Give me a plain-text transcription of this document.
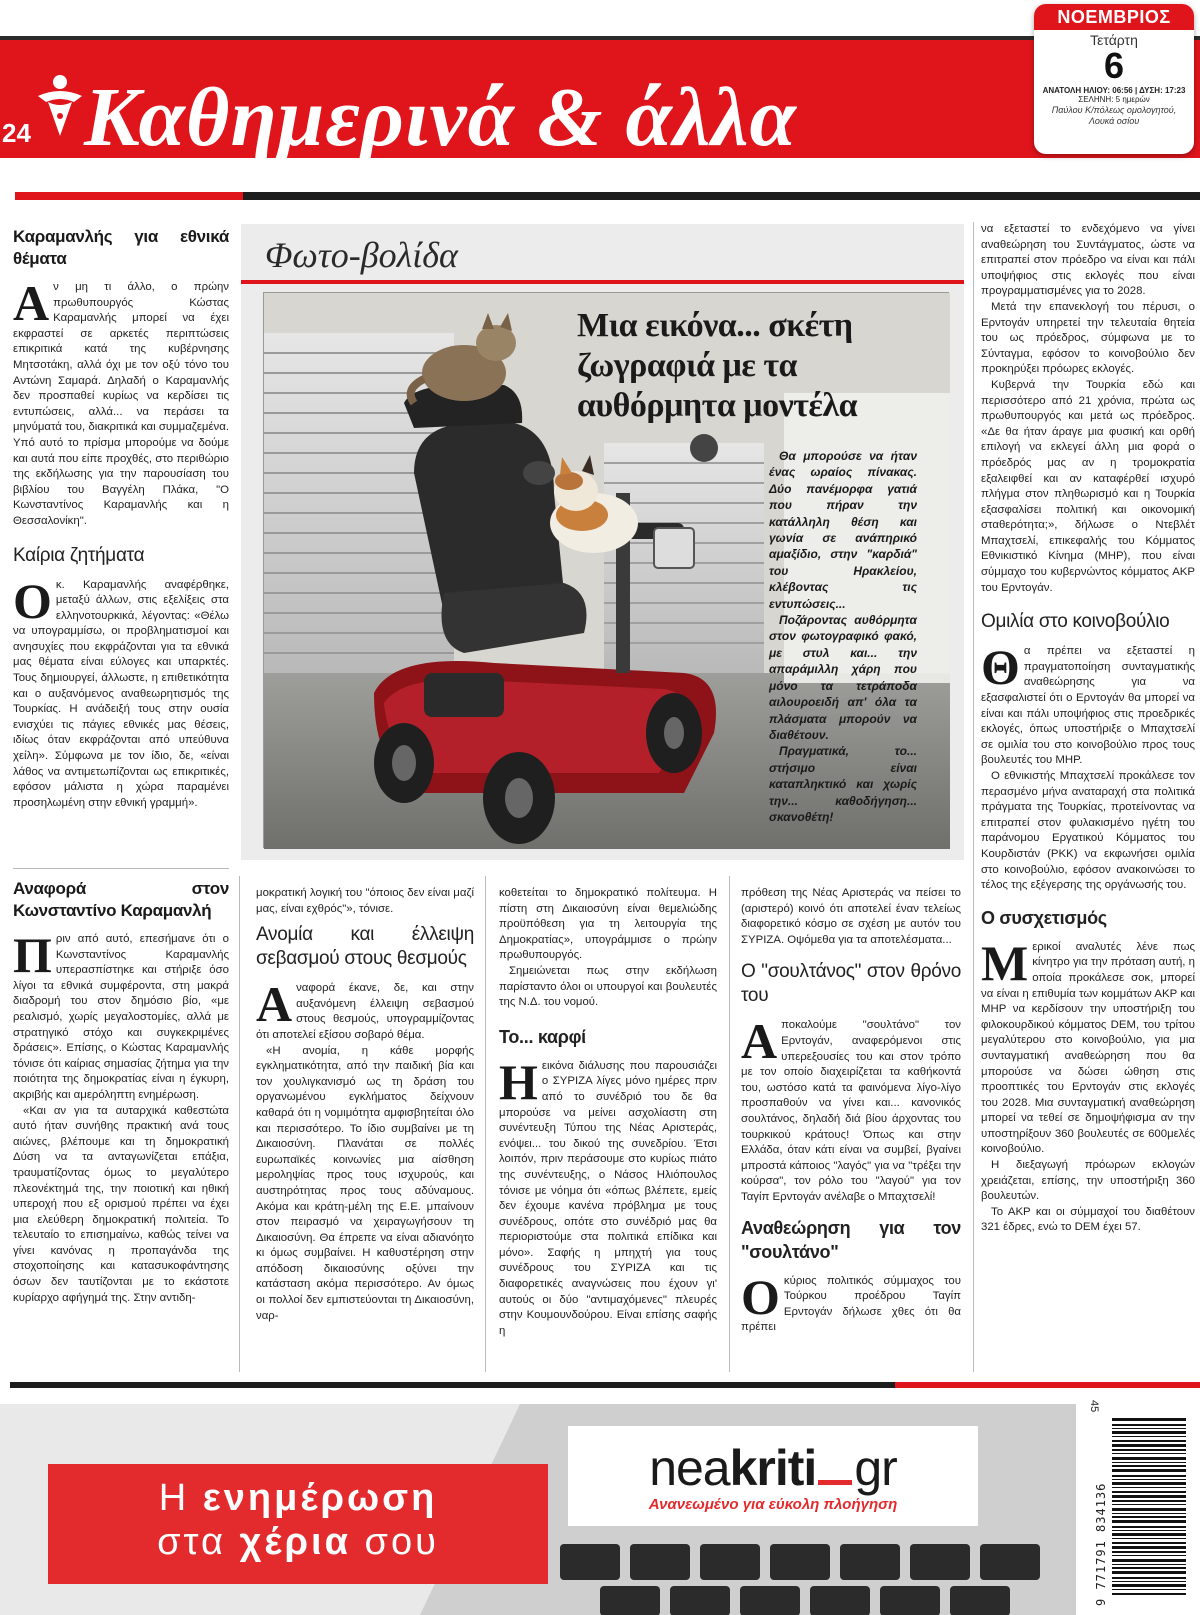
24 Καθημερινά & άλλα
ΝΟΕΜΒΡΙΟΣ
Τετάρτη
6
ΑΝΑΤΟΛΗ ΗΛΙΟΥ: 06:56 | ΔΥΣΗ: 17:23
ΣΕΛΗΝΗ: 5 ημερών
Παύλου Κ/πόλεως ομολογητού, Λουκά οσίου
Καραμανλής για εθνικά θέματα

Αν μη τι άλλο, ο πρώην πρωθυπουργός Κώστας Καραμανλής μπορεί να έχει εκφραστεί σε αρκετές περιπτώσεις επικριτικά κατά της κυβέρνησης Μητσοτάκη, αλλά όχι με τον οξύ τόνο του Αντώνη Σαμαρά. Δηλαδή ο Καραμανλής δεν προσπαθεί κυρίως να κερδίσει τις εντυπώσεις, αλλά... να περάσει τα μηνύματά του, διακριτικά και συμμαζεμένα. Υπό αυτό το πρίσμα μπορούμε να δούμε και αυτά που είπε προχθές, στο περιθώριο της εκδήλωσης για την παρουσίαση του βιβλίου του Βαγγέλη Πλάκα, "Ο Κωνσταντίνος Καραμανλής και η Θεσσαλονίκη".

Καίρια ζητήματα

Οκ. Καραμανλής αναφέρθηκε, μεταξύ άλλων, στις εξελίξεις στα ελληνοτουρκικά, λέγοντας: «Θέλω να υπογραμμίσω, οι προβληματισμοί και ανησυχίες που εκφράζονται για τα εθνικά μας θέματα είναι εύλογες και υπαρκτές. Τους δημιουργεί, άλλωστε, η επιθετικότητα και ο αυξανόμενος αναθεωρητισμός της Τουρκίας. Η ανάδειξή τους στην ουσία ενισχύει τις πάγιες εθνικές μας θέσεις, ιδίως όταν εκφράζονται από υπεύθυνα χείλη». Σύμφωνα με τον ίδιο, δε, «είναι λάθος να αντιμετωπίζονται ως επικριτικές, εφόσον μάλιστα η χώρα παραμένει προσηλωμένη στην εθνική γραμμή».

Φωτο-βολίδα
Μια εικόνα... σκέτη ζωγραφιά με τα αυθόρμητα μοντέλα

Θα μπορούσε να ήταν ένας ωραίος πίνακας. Δύο πανέμορφα γατιά που πήραν την κατάλληλη θέση και γωνία σε ανάπηρικό αμαξίδιο, στην "καρδιά" του Ηρακλείου, κλέβοντας τις εντυπώσεις...

Ποζάροντας αυθόρμητα στον φωτογραφικό φακό, με στυλ και... την απαράμιλλη χάρη που μόνο τα τετράποδα αιλουροειδή απ' όλα τα πλάσματα μπορούν να διαθέτουν.

Πραγματικά, το... στήσιμο είναι καταπληκτικό και χωρίς την... καθοδήγηση... σκανοθέτη!

να εξεταστεί το ενδεχόμενο να γίνει αναθεώρηση του Συντάγματος, ώστε να επιτραπεί στον πρόεδρο να είναι και πάλι υποψήφιος στις εκλογές που είναι προγραμματισμένες για το 2028.

Μετά την επανεκλογή του πέρυσι, ο Ερντογάν υπηρετεί την τελευταία θητεία του ως πρόεδρος, σύμφωνα με το Σύνταγμα, εφόσον το κοινοβούλιο δεν προκηρύξει πρόωρες εκλογές.

Κυβερνά την Τουρκία εδώ και περισσότερο από 21 χρόνια, πρώτα ως πρωθυπουργός και μετά ως πρόεδρος. «Δε θα ήταν άραγε μια φυσική και ορθή επιλογή να εκλεγεί άλλη μια φορά ο πρόεδρός μας αν η τρομοκρατία εξαλειφθεί και αν καταφέρθεί ισχυρό πλήγμα στον πληθωρισμό και η Τουρκία εξασφαλίσει πολιτική και οικονομική σταθερότητα;», δήλωσε ο Ντεβλέτ Μπαχτσελί, επικεφαλής του Κόμματος Εθνικιστικό Κίνημα (ΜΗΡ), που είναι σύμμαχο του κυβερνώντος κόμματος ΑΚΡ του Ερντογάν.

Ομιλία στο κοινοβούλιο

Θα πρέπει να εξεταστεί η πραγματοποίηση συνταγματικής αναθεώρησης για να εξασφαλιστεί ότι ο Ερντογάν θα μπορεί να είναι και πάλι υποψήφιος στις προεδρικές εκλογές, όπως υποστήριξε ο Μπαχτσελί σε ομιλία του στο κοινοβούλιο προς τους βουλευτές του ΜΗΡ.

Ο εθνικιστής Μπαχτσελί προκάλεσε τον περασμένο μήνα αναταραχή στα πολιτικά πράγματα της Τουρκίας, προτείνοντας να επιτραπεί στον φυλακισμένο ηγέτη του παράνομου Εργατικού Κόμματος του Κουρδιστάν (ΡΚΚ) να εκφωνήσει ομιλία στο κοινοβούλιο, εφόσον ανακοινώσει το τέλος της εξέγερσης της οργάνωσής του.

Ο συσχετισμός

Μερικοί αναλυτές λένε πως κίνητρο για την πρόταση αυτή, η οποία προκάλεσε σοκ, μπορεί να είναι η επιθυμία των κομμάτων ΑΚΡ και ΜΗΡ να κερδίσουν την υποστήριξη του φιλοκουρδικού κόμματος DEM, του τρίτου μεγαλύτερου στο κοινοβούλιο, για μια συνταγματική αναθεώρηση που θα μπορούσε να δώσει ώθηση στις προοπτικές του Ερντογάν στις εκλογές του 2028. Μια συνταγματική αναθεώρηση μπορεί να τεθεί σε δημοψήφισμα αν την υποστηρίξουν 360 βουλευτές σε 600μελές κοινοβούλιο.

Η διεξαγωγή πρόωρων εκλογών χρειάζεται, επίσης, την υποστήριξη 360 βουλευτών.

Το ΑΚΡ και οι σύμμαχοί του διαθέτουν 321 έδρες, ενώ το DEM έχει 57.

Αναφορά στον Κωνσταντίνο Καραμανλή

Πριν από αυτό, επεσήμανε ότι ο Κωνσταντίνος Καραμανλής υπερασπίστηκε και στήριξε όσο λίγοι τα εθνικά συμφέροντα, στη μακρά διαδρομή του στον δημόσιο βίο, «με ρεαλισμό, χωρίς μεγαλοστομίες, αλλά με στρατηγικό στόχο και συγκεκριμένες δράσεις». Επίσης, ο Κώστας Καραμανλής τόνισε ότι καίριας σημασίας ζήτημα για την ποιότητα της δημοκρατίας είναι η έγκυρη, ακριβής και αμερόληπτη ενημέρωση.

«Και αν για τα αυταρχικά καθεστώτα αυτό ήταν συνήθης πρακτική ανά τους αιώνες, βλέπουμε και τη δημοκρατική Δύση να τα ανταγωνίζεται επάξια, τραυματίζοντας όμως το μεγαλύτερο πλεονέκτημά της, την ποιοτική και ηθική υπεροχή που εξ ορισμού πρέπει να έχει μια ελεύθερη δημοκρατική πολιτεία. Το τελευταίο το επισημαίνω, καθώς τείνει να γίνει κανόνας η προπαγάνδα της στοχοποίησης και κατασυκοφάντησης όσων δεν ταυτίζονται με το εκάστοτε κυρίαρχο αφήγημά της. Στην αντιδη-

μοκρατική λογική του "όποιος δεν είναι μαζί μας, είναι εχθρός"», τόνισε.

Ανομία και έλλειψη σεβασμού στους θεσμούς

Αναφορά έκανε, δε, και στην αυξανόμενη έλλειψη σεβασμού στους θεσμούς, υπογραμμίζοντας ότι αποτελεί εξίσου σοβαρό θέμα.

«Η ανομία, η κάθε μορφής εγκληματικότητα, από την παιδική βία και τον χουλιγκανισμό ως τη δράση του οργανωμένου εγκλήματος δείχνουν καθαρά ότι η νομιμότητα αμφισβητείται όλο και περισσότερο. Το ίδιο συμβαίνει με τη Δικαιοσύνη. Πλανάται σε πολλές ευρωπαϊκές κοινωνίες μια αίσθηση μεροληψίας προς τους ισχυρούς, και αυστηρότητας προς τους αδύναμους. Ακόμα και κράτη-μέλη της Ε.Ε. μπαίνουν στον πειρασμό να χειραγωγήσουν τη Δικαιοσύνη. Θα έπρεπε να είναι αδιανόητο κι όμως συμβαίνει. Η καθυστέρηση στην απόδοση δικαιοσύνης οξύνει την κατάσταση ακόμα περισσότερο. Αν όμως οι πολλοί δεν εμπιστεύονται τη Δικαιοσύνη, ναρ-

κοθετείται το δημοκρατικό πολίτευμα. Η πίστη στη Δικαιοσύνη είναι θεμελιώδης προϋπόθεση για τη λειτουργία της Δημοκρατίας», υπογράμμισε ο πρώην πρωθυπουργός.

Σημειώνεται πως στην εκδήλωση παρίσταντο όλοι οι υπουργοί και βουλευτές της Ν.Δ. του νομού.

Το... καρφί

Ηεικόνα διάλυσης που παρουσιάζει ο ΣΥΡΙΖΑ λίγες μόνο ημέρες πριν από το συνέδριό του δε θα μπορούσε να μείνει ασχολίαστη στη συνέντευξη Τύπου της Νέας Αριστεράς, ενόψει... του δικού της συνεδρίου. Έτσι λοιπόν, πριν περάσουμε στο κυρίως πιάτο της συνέντευξης, ο Νάσος Ηλιόπουλος τόνισε με νόημα ότι «όπως βλέπετε, εμείς δεν έχουμε κανένα πρόβλημα με τους συνέδρους, οπότε στο συνέδριό μας θα περιοριστούμε στα πολιτικά επίδικα και μόνο». Σαφής η μπηχτή για τους συνέδρους του ΣΥΡΙΖΑ και τις διαφορετικές αναγνώσεις που έχουν γι' αυτούς οι δύο "αντιμαχόμενες" πλευρές στην Κουμουνδούρου. Είναι επίσης σαφής η

πρόθεση της Νέας Αριστεράς να πείσει το (αριστερό) κοινό ότι αποτελεί έναν τελείως διαφορετικό κόσμο σε σχέση με αυτόν του ΣΥΡΙΖΑ. Οψόμεθα για τα αποτελέσματα...

Ο "σουλτάνος" στον θρόνο του

Αποκαλούμε "σουλτάνο" τον Ερντογάν, αναφερόμενοι στις υπερεξουσίες του και στον τρόπο με τον οποίο διαχειρίζεται τα καθήκοντά του, ωστόσο κατά τα φαινόμενα λίγο-λίγο προσπαθούν να γίνει και... κανονικός σουλτάνος, δηλαδή διά βίου άρχοντας του τουρκικού κράτους! Όπως και στην Ελλάδα, όταν κάτι είναι να συμβεί, βγαίνει μπροστά κάποιος "λαγός" για να "τρέξει την κούρσα", τον ρόλο του "λαγού" για τον Ταγίπ Ερντογάν ανέλαβε ο Μπαχτσελί!

Αναθεώρηση για τον "σουλτάνο"

Οκύριος πολιτικός σύμμαχος του Τούρκου προέδρου Ταγίπ Ερντογάν δήλωσε χθες ότι θα πρέπει

Η ενημέρωση
στα χέρια σου
neakriti gr
Ανανεωμένο για εύκολη πλοήγηση
45
9 771791 834136
